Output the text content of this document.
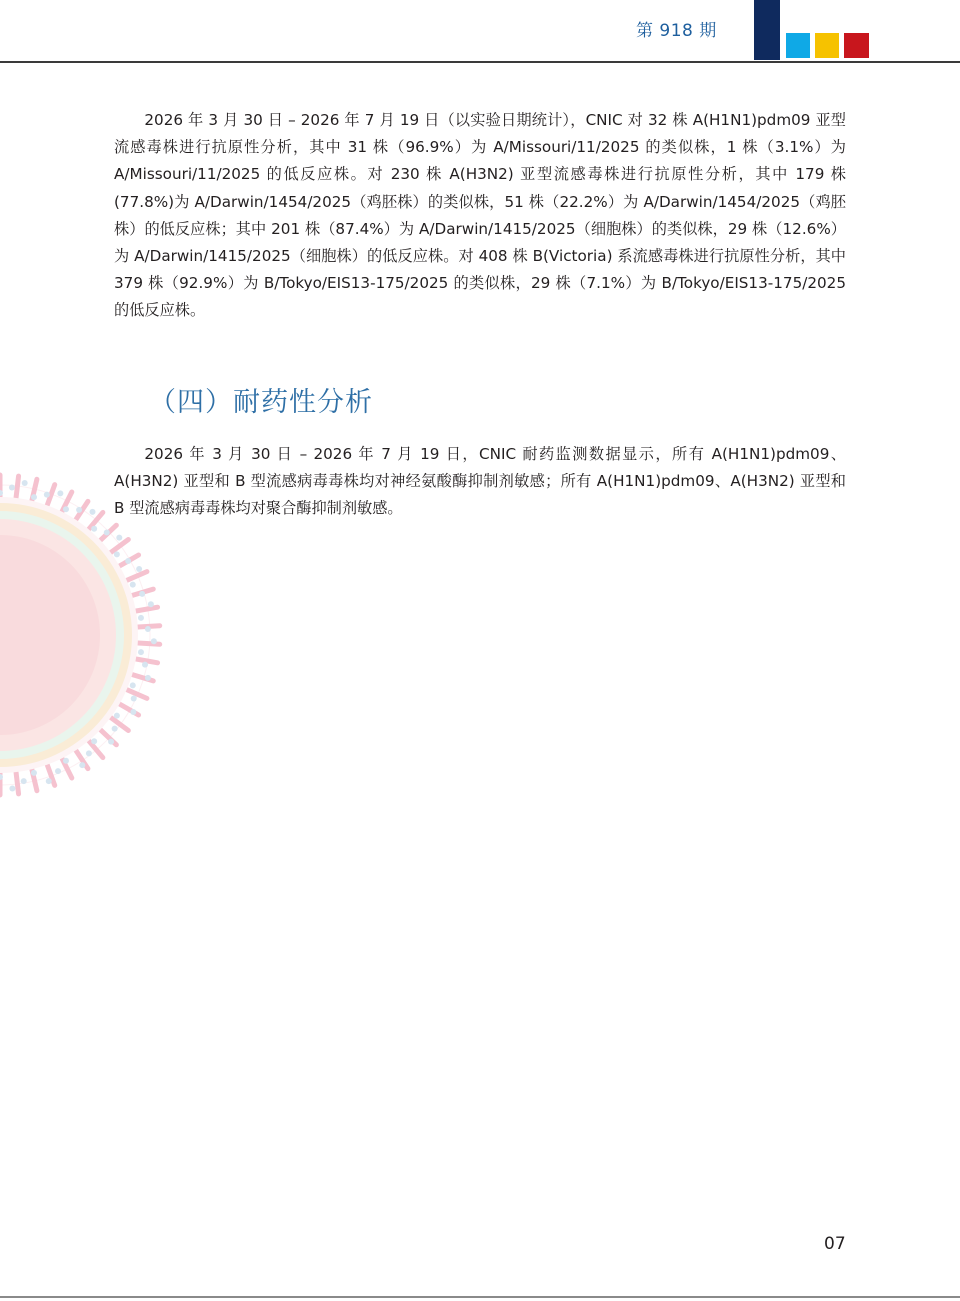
第 918 期

2026 年 3 月 30 日 – 2026 年 7 月 19 日（以实验日期统计），CNIC 对 32 株 A(H1N1)pdm09 亚型流感毒株进行抗原性分析，其中 31 株（96.9%）为 A/Missouri/11/2025 的类似株，1 株（3.1%）为 A/Missouri/11/2025 的低反应株。对 230 株 A(H3N2) 亚型流感毒株进行抗原性分析，其中 179 株(77.8%)为 A/Darwin/1454/2025（鸡胚株）的类似株，51 株（22.2%）为 A/Darwin/1454/2025（鸡胚株）的低反应株；其中 201 株（87.4%）为 A/Darwin/1415/2025（细胞株）的类似株，29 株（12.6%）为 A/Darwin/1415/2025（细胞株）的低反应株。对 408 株 B(Victoria) 系流感毒株进行抗原性分析，其中 379 株（92.9%）为 B/Tokyo/EIS13-175/2025 的类似株，29 株（7.1%）为 B/Tokyo/EIS13-175/2025 的低反应株。

（四）耐药性分析

2026 年 3 月 30 日 – 2026 年 7 月 19 日，CNIC 耐药监测数据显示，所有 A(H1N1)pdm09、A(H3N2) 亚型和 B 型流感病毒毒株均对神经氨酸酶抑制剂敏感；所有 A(H1N1)pdm09、A(H3N2) 亚型和 B 型流感病毒毒株均对聚合酶抑制剂敏感。

07
